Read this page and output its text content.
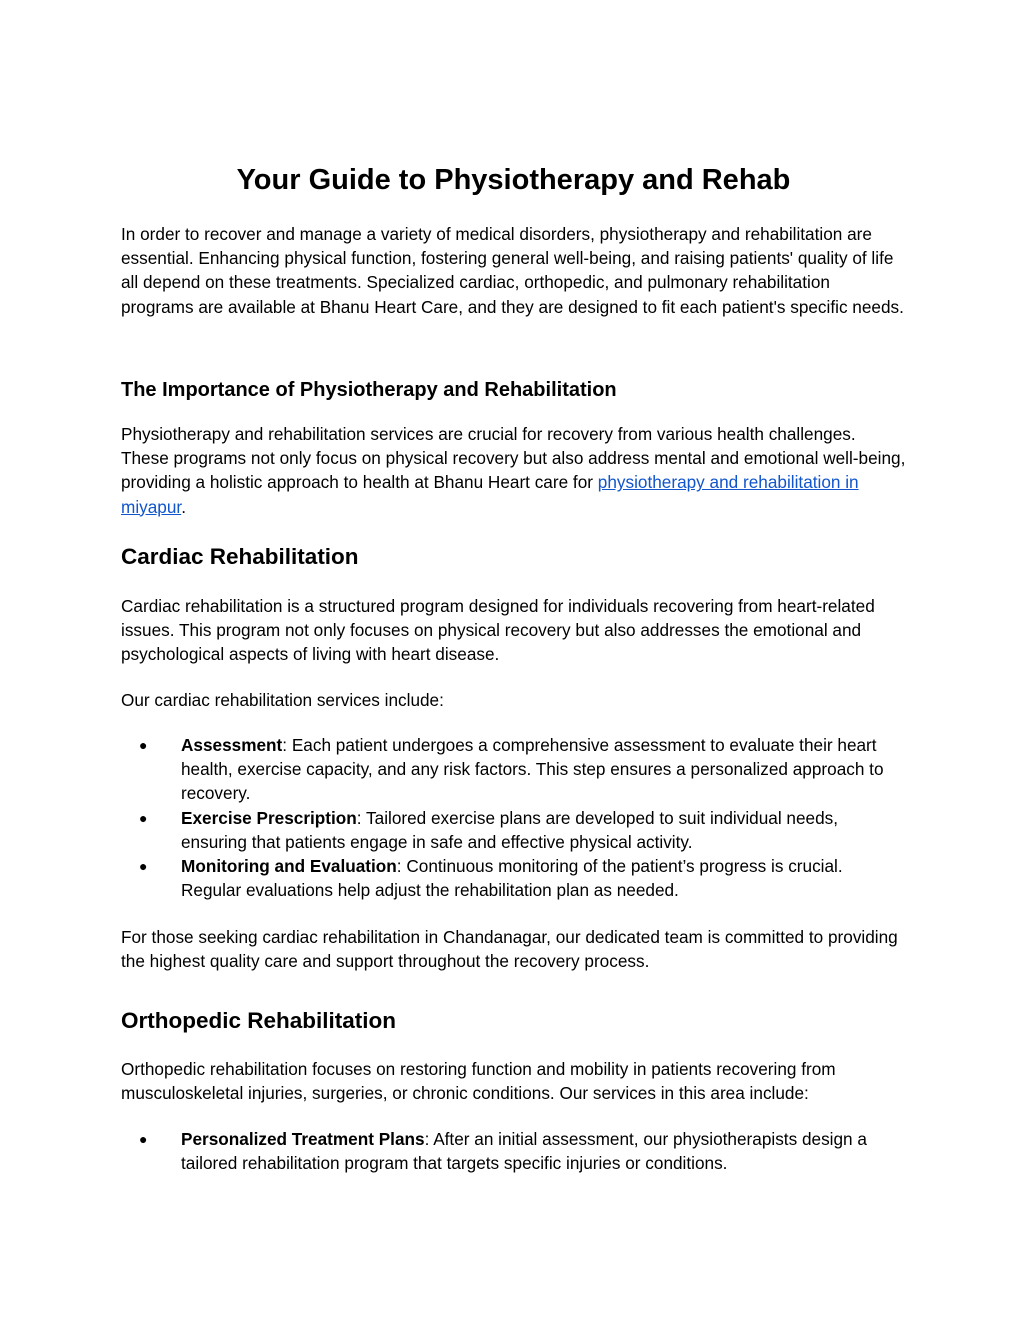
Your Guide to Physiotherapy and Rehab

In order to recover and manage a variety of medical disorders, physiotherapy and rehabilitation are essential. Enhancing physical function, fostering general well-being, and raising patients' quality of life all depend on these treatments. Specialized cardiac, orthopedic, and pulmonary rehabilitation programs are available at Bhanu Heart Care, and they are designed to fit each patient's specific needs.

The Importance of Physiotherapy and Rehabilitation

Physiotherapy and rehabilitation services are crucial for recovery from various health challenges. These programs not only focus on physical recovery but also address mental and emotional well-being, providing a holistic approach to health at Bhanu Heart care for physiotherapy and rehabilitation in miyapur.

Cardiac Rehabilitation

Cardiac rehabilitation is a structured program designed for individuals recovering from heart-related issues. This program not only focuses on physical recovery but also addresses the emotional and psychological aspects of living with heart disease.

Our cardiac rehabilitation services include:

● Assessment: Each patient undergoes a comprehensive assessment to evaluate their heart health, exercise capacity, and any risk factors. This step ensures a personalized approach to recovery.
● Exercise Prescription: Tailored exercise plans are developed to suit individual needs, ensuring that patients engage in safe and effective physical activity.
● Monitoring and Evaluation: Continuous monitoring of the patient’s progress is crucial. Regular evaluations help adjust the rehabilitation plan as needed.

For those seeking cardiac rehabilitation in Chandanagar, our dedicated team is committed to providing the highest quality care and support throughout the recovery process.

Orthopedic Rehabilitation

Orthopedic rehabilitation focuses on restoring function and mobility in patients recovering from musculoskeletal injuries, surgeries, or chronic conditions. Our services in this area include:

● Personalized Treatment Plans: After an initial assessment, our physiotherapists design a tailored rehabilitation program that targets specific injuries or conditions.
